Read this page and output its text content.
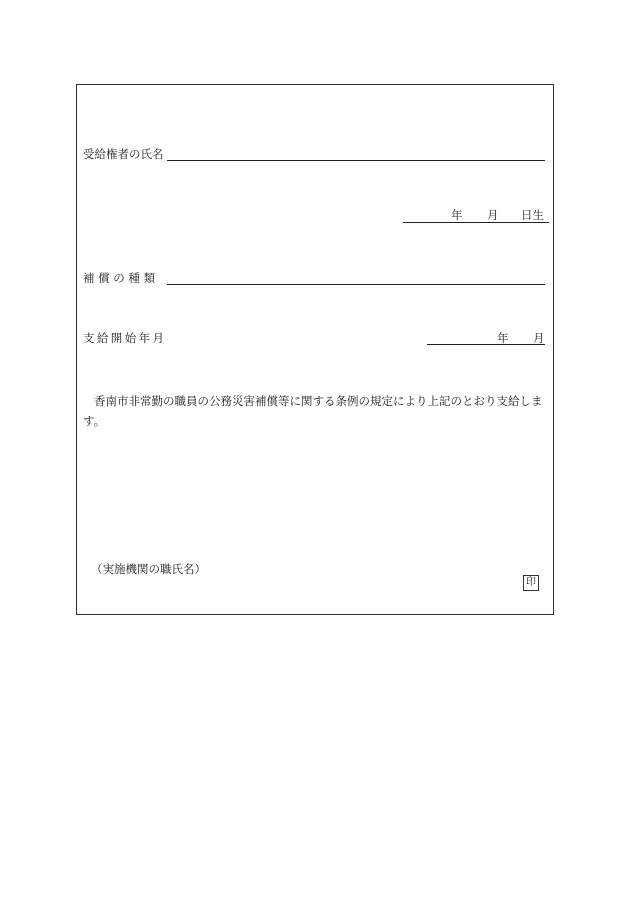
受給権者の氏名
年 月 日生
補 償 の 種 類
支給開始年月	年 月
香南市非常勤の職員の公務災害補償等に関する条例の規定により上記のとおり支給します。
（実施機関の職氏名）
印
